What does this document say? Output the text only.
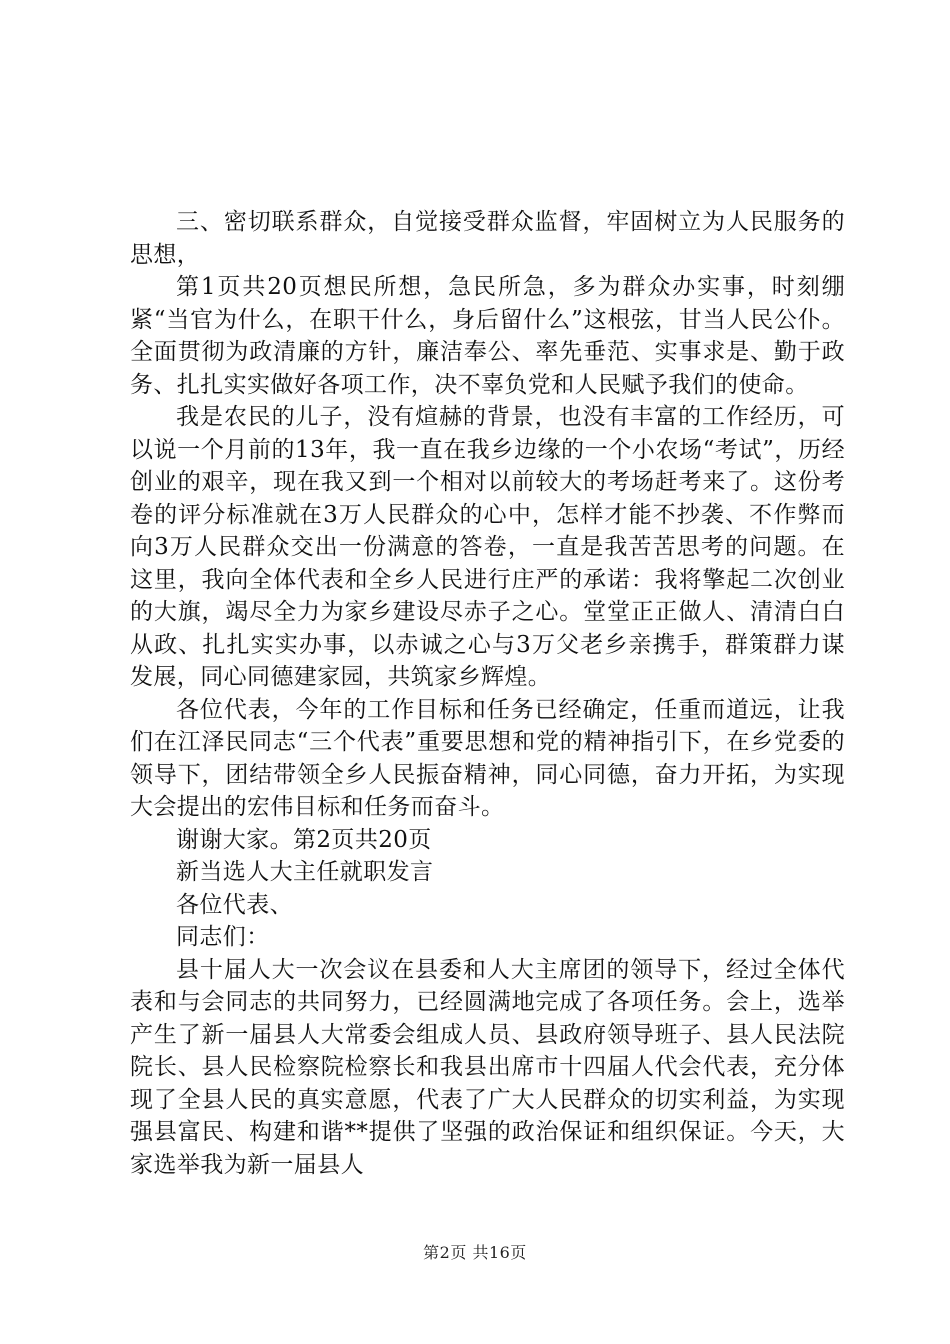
三、密切联系群众，自觉接受群众监督，牢固树立为人民服务的思想，

第1页共20页想民所想，急民所急，多为群众办实事，时刻绷紧“当官为什么，在职干什么，身后留什么”这根弦，甘当人民公仆。全面贯彻为政清廉的方针，廉洁奉公、率先垂范、实事求是、勤于政务、扎扎实实做好各项工作，决不辜负党和人民赋予我们的使命。

我是农民的儿子，没有煊赫的背景，也没有丰富的工作经历，可以说一个月前的13年，我一直在我乡边缘的一个小农场“考试”，历经创业的艰辛，现在我又到一个相对以前较大的考场赶考来了。这份考卷的评分标准就在3万人民群众的心中，怎样才能不抄袭、不作弊而向3万人民群众交出一份满意的答卷，一直是我苦苦思考的问题。在这里，我向全体代表和全乡人民进行庄严的承诺：我将擎起二次创业的大旗，竭尽全力为家乡建设尽赤子之心。堂堂正正做人、清清白白从政、扎扎实实办事，以赤诚之心与3万父老乡亲携手，群策群力谋发展，同心同德建家园，共筑家乡辉煌。

各位代表，今年的工作目标和任务已经确定，任重而道远，让我们在江泽民同志“三个代表”重要思想和党的精神指引下，在乡党委的领导下，团结带领全乡人民振奋精神，同心同德，奋力开拓，为实现大会提出的宏伟目标和任务而奋斗。

谢谢大家。第2页共20页

新当选人大主任就职发言

各位代表、

同志们：

县十届人大一次会议在县委和人大主席团的领导下，经过全体代表和与会同志的共同努力，已经圆满地完成了各项任务。会上，选举产生了新一届县人大常委会组成人员、县政府领导班子、县人民法院院长、县人民检察院检察长和我县出席市十四届人代会代表，充分体现了全县人民的真实意愿，代表了广大人民群众的切实利益，为实现强县富民、构建和谐**提供了坚强的政治保证和组织保证。今天，大家选举我为新一届县人

第2页 共16页
